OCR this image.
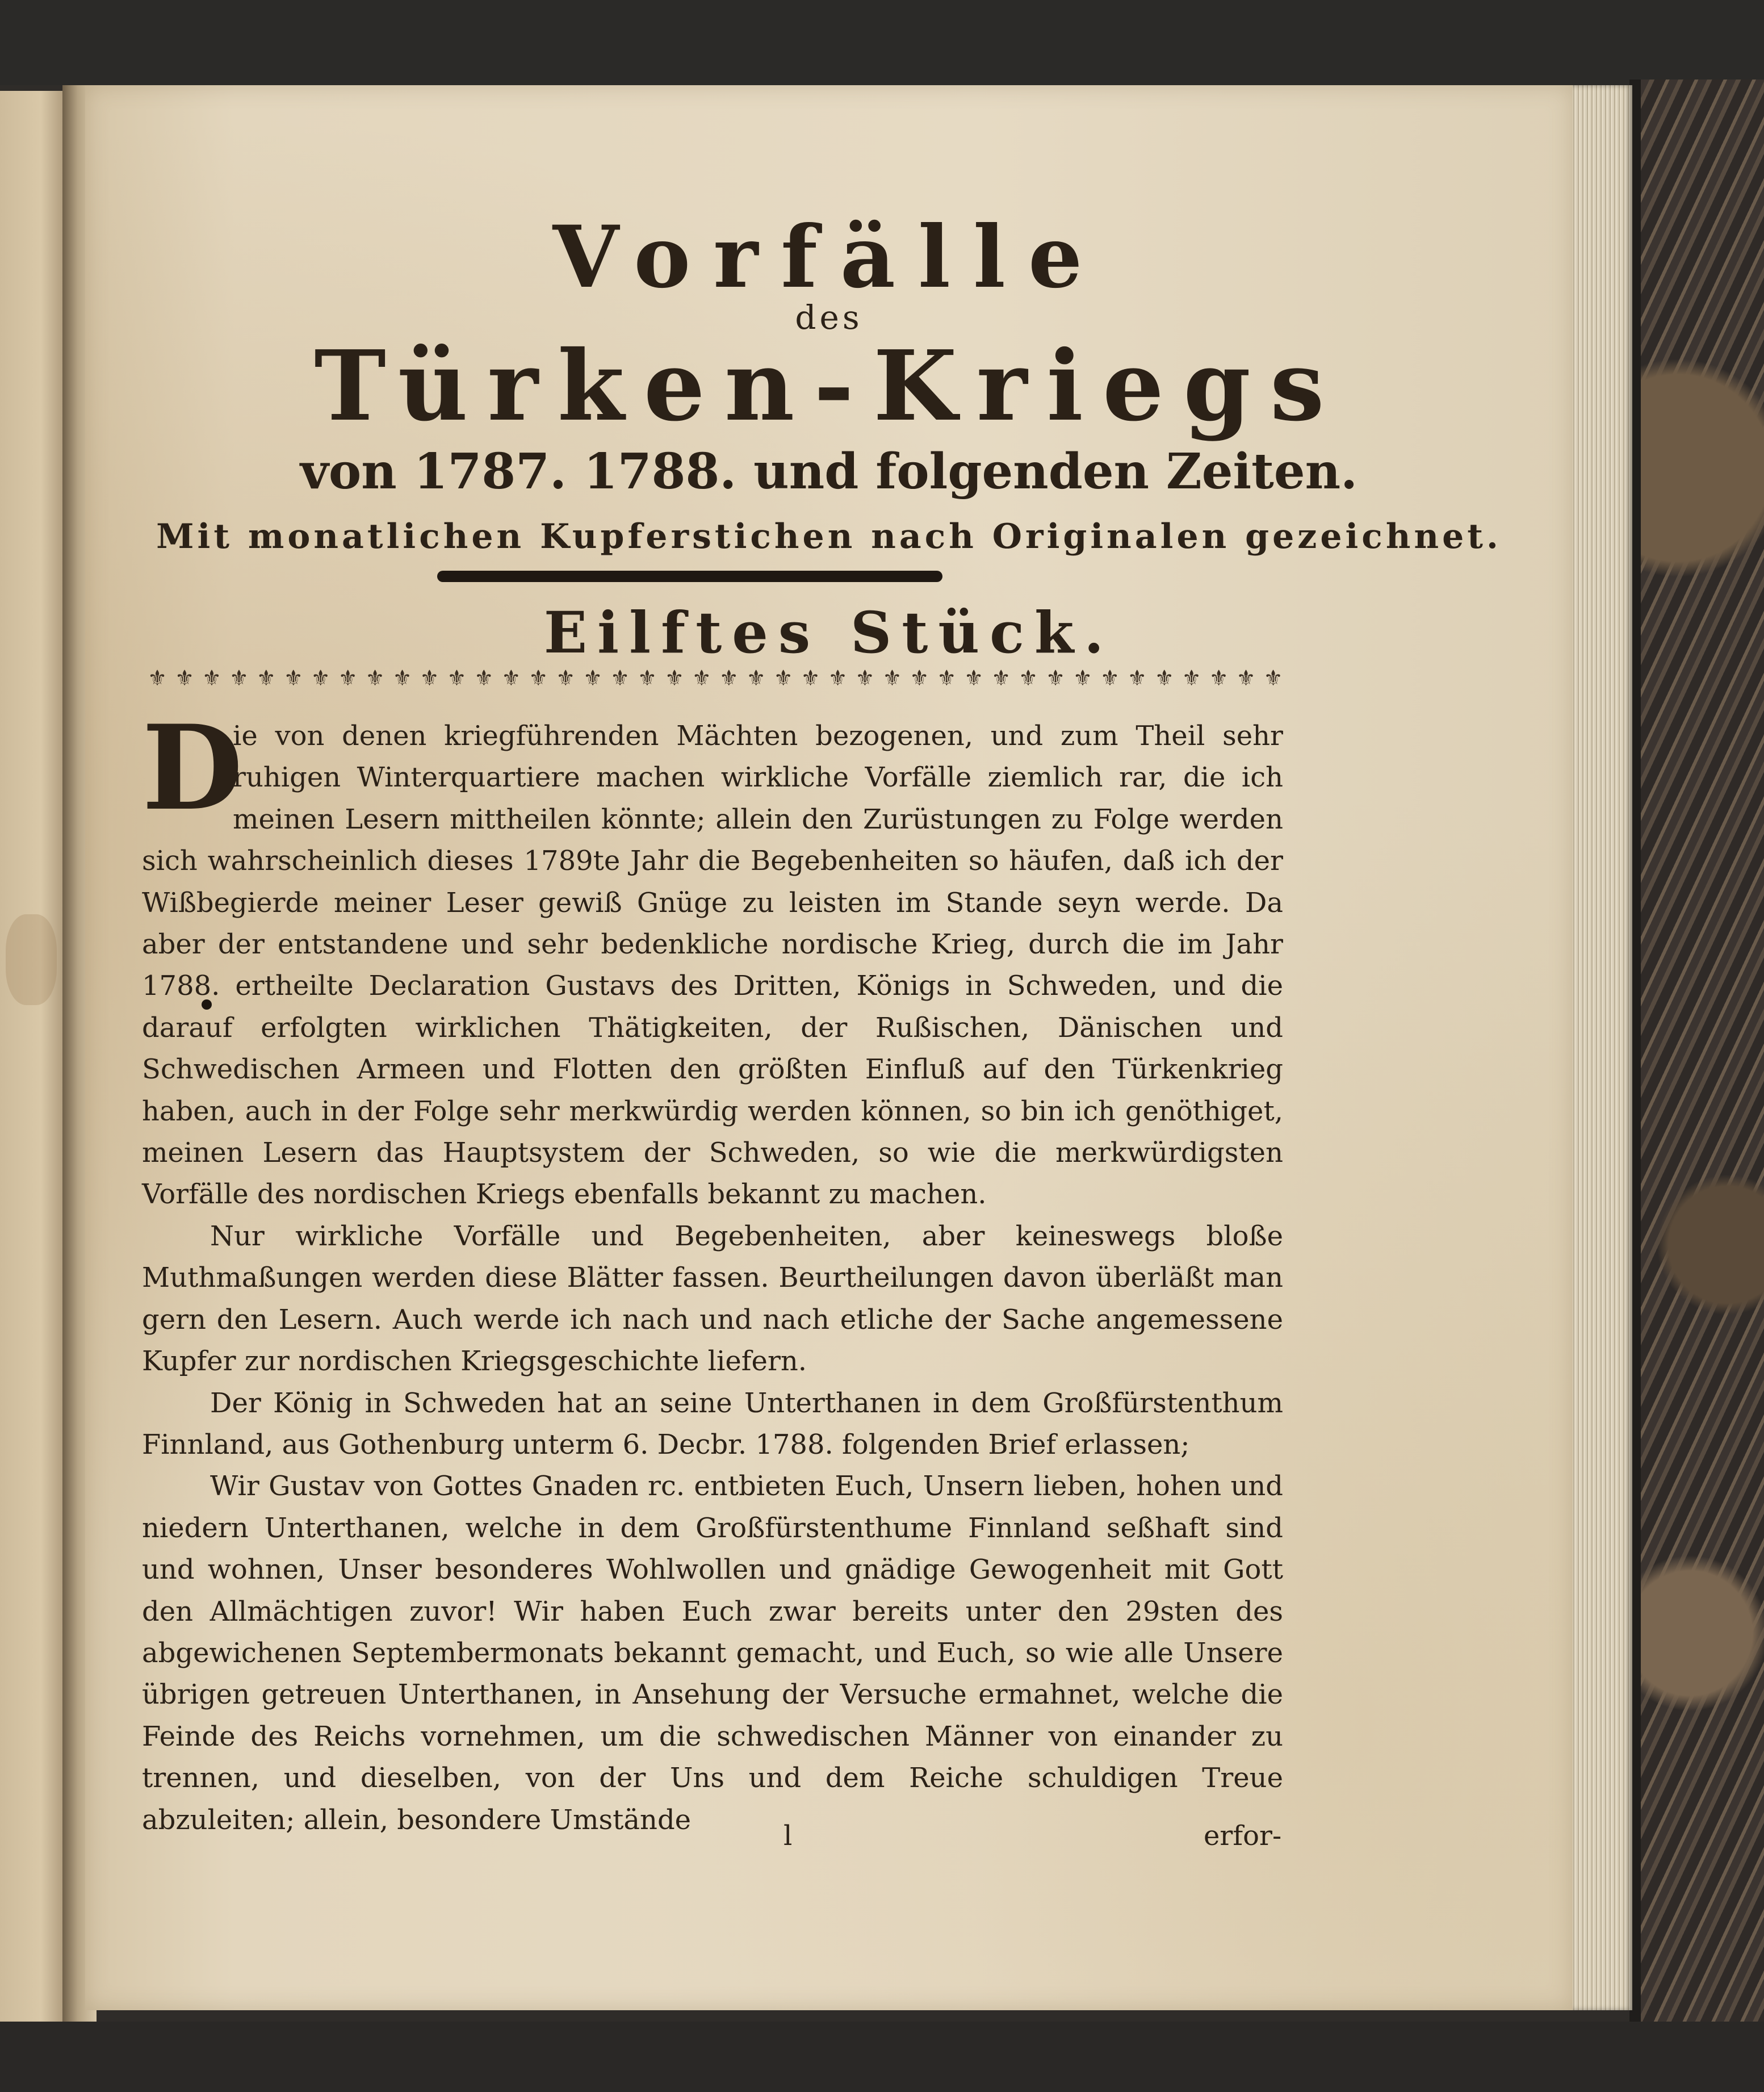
Vorfälle
des
Türken-Kriegs
von 1787. 1788. und folgenden Zeiten.
Mit monatlichen Kupferstichen nach Originalen gezeichnet.
Eilftes Stück.
⚜ ⚜ ⚜ ⚜ ⚜ ⚜ ⚜ ⚜ ⚜ ⚜ ⚜ ⚜ ⚜ ⚜ ⚜ ⚜ ⚜ ⚜ ⚜ ⚜ ⚜ ⚜ ⚜ ⚜ ⚜ ⚜ ⚜ ⚜ ⚜ ⚜ ⚜ ⚜ ⚜ ⚜ ⚜ ⚜ ⚜ ⚜ ⚜ ⚜ ⚜ ⚜

D
ie von denen kriegführenden Mächten bezogenen, und zum Theil sehr ruhigen Winterquartiere machen wirkliche Vorfälle ziemlich rar, die ich meinen Lesern mittheilen könnte; allein den Zurüstungen zu Folge werden sich wahrscheinlich dieses 1789te Jahr die Begebenheiten so häufen, daß ich der Wißbegierde meiner Leser gewiß Gnüge zu leisten im Stande seyn werde. Da aber der entstandene und sehr bedenkliche nordische Krieg, durch die im Jahr 1788. ertheilte Declaration Gustavs des Dritten, Königs in Schweden, und die darauf erfolgten wirklichen Thätigkeiten, der Rußischen, Dänischen und Schwedischen Armeen und Flotten den größten Einfluß auf den Türkenkrieg haben, auch in der Folge sehr merkwürdig werden können, so bin ich genöthiget, meinen Lesern das Hauptsystem der Schweden, so wie die merkwürdigsten Vorfälle des nordischen Kriegs ebenfalls bekannt zu machen.

Nur wirkliche Vorfälle und Begebenheiten, aber keineswegs bloße Muthmaßungen werden diese Blätter fassen. Beurtheilungen davon überläßt man gern den Lesern. Auch werde ich nach und nach etliche der Sache angemessene Kupfer zur nordischen Kriegsgeschichte liefern.

Der König in Schweden hat an seine Unterthanen in dem Großfürstenthum Finnland, aus Gothenburg unterm 6. Decbr. 1788. folgenden Brief erlassen;

Wir Gustav von Gottes Gnaden rc. entbieten Euch, Unsern lieben, hohen und niedern Unterthanen, welche in dem Großfürstenthume Finnland seßhaft sind und wohnen, Unser besonderes Wohlwollen und gnädige Gewogenheit mit Gott den Allmächtigen zuvor! Wir haben Euch zwar bereits unter den 29sten des abgewichenen Septembermonats bekannt gemacht, und Euch, so wie alle Unsere übrigen getreuen Unterthanen, in Ansehung der Versuche ermahnet, welche die Feinde des Reichs vornehmen, um die schwedischen Männer von einander zu trennen, und dieselben, von der Uns und dem Reiche schuldigen Treue abzuleiten; allein, besondere Umstände

l	erfor-
